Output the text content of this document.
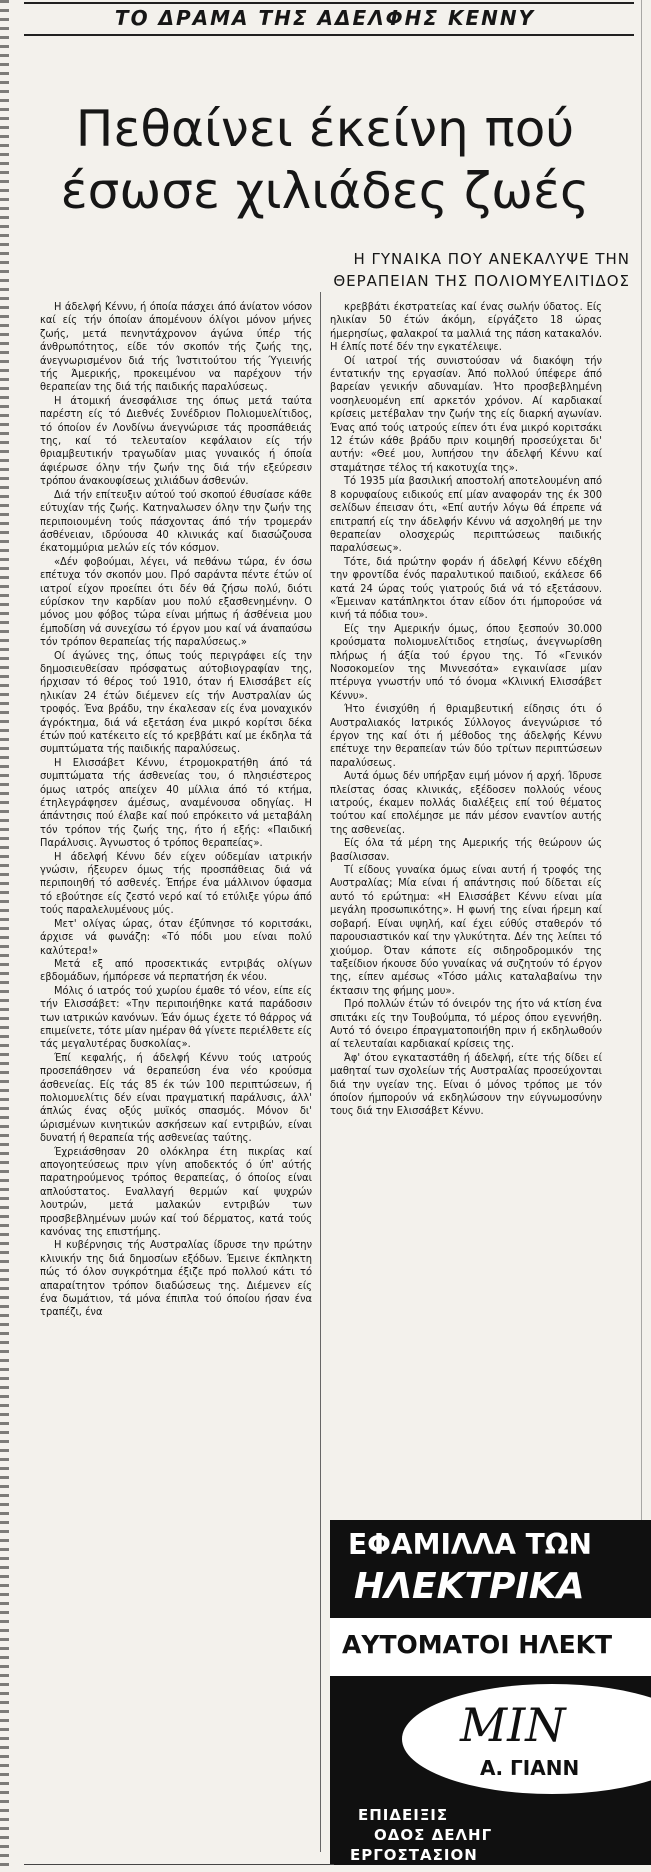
ΤΟ ΔΡΑΜΑ ΤΗΣ ΑΔΕΛΦΗΣ ΚΕΝΝΥ
Πεθαίνει έκείνη πού
έσωσε χιλιάδες ζωές
Η ΓΥΝΑΙΚΑ ΠΟΥ ΑΝΕΚΑΛΥΨΕ ΤΗΝ
ΘΕΡΑΠΕΙΑΝ ΤΗΣ ΠΟΛΙΟΜΥΕΛΙΤΙΔΟΣ

Η άδελφή Κέννυ, ή όποία πάσχει άπό άνίατον νόσον καί είς τήν όποίαν άπομένουν όλίγοι μόνον μήνες ζωής, μετά πενηντάχρονον άγώνα ύπέρ τής άνθρωπότητος, είδε τόν σκοπόν τής ζωής της, άνεγνωρισμένον διά τής Ίνστιτούτου τής Ύγιεινής τής Άμερικής, προκειμένου να παρέχουν τήν θεραπείαν της διά τής παιδικής παραλύσεως.

Η άτομική άνεσφάλισε της όπως μετά ταύτα παρέστη είς τό Διεθνές Συνέδριον Πολιομυελίτιδος, τό όποίον έν Λονδίνω άνεγνώρισε τάς προσπάθειάς της, καί τό τελευταίον κεφάλαιον είς τήν θριαμβευτικήν τραγωδίαν μιας γυναικός ή όποία άφιέρωσε όλην τήν ζωήν της διά τήν εξεύρεσιν τρόπου άνακουφίσεως χιλιάδων άσθενών.

Διά τήν επίτευξιν αύτού τού σκοπού έθυσίασε κάθε εύτυχίαν τής ζωής. Κατηναλωσεν όλην την ζωήν της περιποιουμένη τούς πάσχοντας άπό τήν τρομεράν άσθένειαν, ιδρύουσα 40 κλινικάς καί διασώζουσα έκατομμύρια μελών είς τόν κόσμον.

«Δέν φοβούμαι, λέγει, νά πεθάνω τώρα, έν όσω επέτυχα τόν σκοπόν μου. Πρό σαράντα πέντε έτών οί ιατροί είχον προείπει ότι δέν θά ζήσω πολύ, διότι εύρίσκον την καρδίαν μου πολύ εξασθενημένην. Ο μόνος μου φόβος τώρα είναι μήπως ή άσθένεια μου έμποδίση νά συνεχίσω τό έργον μου καί νά άναπαύσω τόν τρόπον θεραπείας τής παραλύσεως.»

Οί άγώνες της, όπως τούς περιγράφει είς την δημοσιευθείσαν πρόσφατως αύτοβιογραφίαν της, ήρχισαν τό θέρος τού 1910, όταν ή Ελισσάβετ είς ηλικίαν 24 έτών διέμενεν είς τήν Αυστραλίαν ώς τροφός. Ένα βράδυ, την έκαλεσαν είς ένα μοναχικόν άγρόκτημα, διά νά εξετάση ένα μικρό κορίτσι δέκα έτών πού κατέκειτο είς τό κρεββάτι καί με έκδηλα τά συμπτώματα τής παιδικής παραλύσεως.

Η Ελισσάβετ Κέννυ, έτρομοκρατήθη άπό τά συμπτώματα τής άσθενείας του, ό πλησιέστερος όμως ιατρός απείχεν 40 μίλλια άπό τό κτήμα, έτηλεγράφησεν άμέσως, αναμένουσα οδηγίας. Η άπάντησις πού έλαβε καί πού επρόκειτο νά μεταβάλη τόν τρόπον τής ζωής της, ήτο ή εξής: «Παιδική Παράλυσις. Άγνωστος ό τρόπος θεραπείας».

Η άδελφή Κέννυ δέν είχεν ούδεμίαν ιατρικήν γνώσιν, ήξευρεν όμως τής προσπάθειας διά νά περιποιηθή τό ασθενές. Έπήρε ένα μάλλινον ύφασμα τό εβούτησε είς ζεστό νερό καί τό ετύλιξε γύρω άπό τούς παραλελυμένους μύς.

Μετ' ολίγας ώρας, όταν έξύπνησε τό κοριτσάκι, άρχισε νά φωνάζη: «Τό πόδι μου είναι πολύ καλύτερα!»

Μετά εξ από προσεκτικάς εντριβάς ολίγων εβδομάδων, ήμπόρεσε νά περπατήση έκ νέου.

Μόλις ό ιατρός τού χωρίου έμαθε τό νέον, είπε είς τήν Ελισσάβετ: «Την περιποιήθηκε κατά παράδοσιν των ιατρικών κανόνων. Έάν όμως έχετε τό θάρρος νά επιμείνετε, τότε μίαν ημέραν θά γίνετε περιέλθετε είς τάς μεγαλυτέρας δυσκολίας».

Έπί κεφαλής, ή άδελφή Κέννυ τούς ιατρούς προσεπάθησεν νά θεραπεύση ένα νέο κρούσμα άσθενείας. Είς τάς 85 έκ τών 100 περιπτώσεων, ή πολιομυελίτις δέν είναι πραγματική παράλυσις, άλλ' άπλώς ένας οξύς μυϊκός σπασμός. Μόνον δι' ώρισμένων κινητικών ασκήσεων καί εντριβών, είναι δυνατή ή θεραπεία τής ασθενείας ταύτης.

Έχρειάσθησαν 20 ολόκληρα έτη πικρίας καί απογοητεύσεως πριν γίνη αποδεκτός ό ύπ' αύτής παρατηρούμενος τρόπος θεραπείας, ό όποίος είναι απλούστατος. Εναλλαγή θερμών καί ψυχρών λουτρών, μετά μαλακών εντριβών των προσβεβλημένων μυών καί τού δέρματος, κατά τούς κανόνας της επιστήμης.

Η κυβέρνησις τής Αυστραλίας ίδρυσε την πρώτην κλινικήν της διά δημοσίων εξόδων. Έμεινε έκπληκτη πώς τό όλον συγκρότημα έξιζε πρό πολλού κάτι τό απαραίτητον τρόπον διαδώσεως της. Διέμενεν είς ένα δωμάτιον, τά μόνα έπιπλα τού όποίου ήσαν ένα τραπέζι, ένα

κρεββάτι έκστρατείας καί ένας σωλήν ύδατος. Είς ηλικίαν 50 έτών άκόμη, είργάζετο 18 ώρας ήμερησίως, φαλακροί τα μαλλιά της πάση κατακαλόν. Η έλπίς ποτέ δέν την εγκατέλειψε.

Οί ιατροί τής συνιστούσαν νά διακόψη τήν έντατικήν της εργασίαν. Άπό πολλού ύπέφερε άπό βαρείαν γενικήν αδυναμίαν. Ήτο προσβεβλημένη νοσηλευομένη επί αρκετόν χρόνον. Αί καρδιακαί κρίσεις μετέβαλαν την ζωήν της είς διαρκή αγωνίαν. Ένας από τούς ιατρούς είπεν ότι ένα μικρό κοριτσάκι 12 έτών κάθε βράδυ πριν κοιμηθή προσεύχεται δι' αυτήν: «Θεέ μου, λυπήσου την άδελφή Κέννυ καί σταμάτησε τέλος τή κακοτυχία της».

Τό 1935 μία βασιλική αποστολή αποτελουμένη από 8 κορυφαίους ειδικούς επί μίαν αναφοράν της έκ 300 σελίδων έπεισαν ότι, «Επί αυτήν λόγω θά έπρεπε νά επιτραπή είς την άδελφήν Κέννυ νά ασχοληθή με την θεραπείαν ολοσχερώς περιπτώσεως παιδικής παραλύσεως».

Τότε, διά πρώτην φοράν ή άδελφή Κέννυ εδέχθη την φροντίδα ένός παραλυτικού παιδιού, εκάλεσε 66 κατά 24 ώρας τούς γιατρούς διά νά τό εξετάσουν. «Έμειναν κατάπληκτοι όταν είδον ότι ήμπορούσε νά κινή τά πόδια του».

Είς την Αμερικήν όμως, όπου ξεσπούν 30.000 κρούσματα πολιομυελίτιδος ετησίως, άνεγνωρίσθη πλήρως ή άξία τού έργου της. Τό «Γενικόν Νοσοκομείον της Μιννεσότα» εγκαινίασε μίαν πτέρυγα γνωστήν υπό τό όνομα «Κλινική Ελισσάβετ Κέννυ».

Ήτο ένισχύθη ή θριαμβευτική είδησις ότι ό Αυστραλιακός Ιατρικός Σύλλογος άνεγνώρισε τό έργον της καί ότι ή μέθοδος της άδελφής Κέννυ επέτυχε την θεραπείαν τών δύο τρίτων περιπτώσεων παραλύσεως.

Αυτά όμως δέν υπήρξαν ειμή μόνον ή αρχή. Ίδρυσε πλείστας όσας κλινικάς, εξέδοσεν πολλούς νέους ιατρούς, έκαμεν πολλάς διαλέξεις επί τού θέματος τούτου καί επολέμησε με πάν μέσον εναντίον αυτής της ασθενείας.

Είς όλα τά μέρη της Αμερικής τής θεώρουν ώς βασίλισσαν.

Τί είδους γυναίκα όμως είναι αυτή ή τροφός της Αυστραλίας; Μία είναι ή απάντησις πού δίδεται είς αυτό τό ερώτημα: «Η Ελισσάβετ Κέννυ είναι μία μεγάλη προσωπικότης». Η φωνή της είναι ήρεμη καί σοβαρή. Είναι υψηλή, καί έχει εύθύς σταθερόν τό παρουσιαστικόν καί την γλυκύτητα. Δέν της λείπει τό χιούμορ. Όταν κάποτε είς σιδηροδρομικόν της ταξείδιον ήκουσε δύο γυναίκας νά συζητούν τό έργον της, είπεν αμέσως «Τόσο μάλις καταλαβαίνω την έκτασιν της φήμης μου».

Πρό πολλών έτών τό όνειρόν της ήτο νά κτίση ένα σπιτάκι είς την Τουβούμπα, τό μέρος όπου εγεννήθη. Αυτό τό όνειρο έπραγματοποιήθη πριν ή εκδηλωθούν αί τελευταίαι καρδιακαί κρίσεις της.

Άφ' ότου εγκαταστάθη ή άδελφή, είτε τής δίδει εί μαθηταί των σχολείων τής Αυστραλίας προσεύχονται διά την υγείαν της. Είναι ό μόνος τρόπος με τόν όποίον ήμπορούν νά εκδηλώσουν την εύγνωμοσύνην τους διά την Ελισσάβετ Κέννυ.

ΕΦΑΜΙΛΛΑ ΤΩΝ
ΗΛΕΚΤΡΙΚΑ
ΑΥΤΟΜΑΤΟΙ ΗΛΕΚΤ
ΜΙΝ
Α. ΓΙΑΝΝ
ΕΠΙΔΕΙΞΙΣ
ΟΔΟΣ ΔΕΛΗΓ
ΕΡΓΟΣΤΑΣΙΟΝ
